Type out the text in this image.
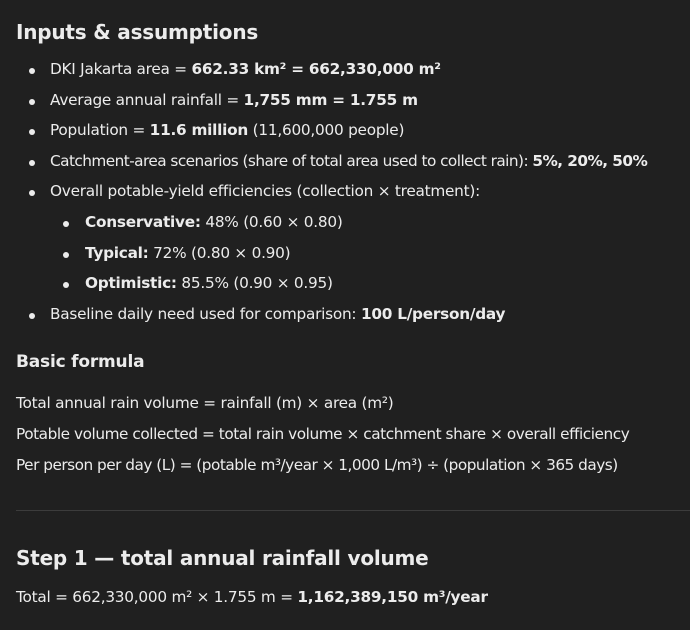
Inputs & assumptions
DKI Jakarta area = 662.33 km² = 662,330,000 m²
Average annual rainfall = 1,755 mm = 1.755 m
Population = 11.6 million (11,600,000 people)
Catchment-area scenarios (share of total area used to collect rain): 5%, 20%, 50%
Overall potable-yield efficiencies (collection × treatment):
Conservative: 48% (0.60 × 0.80)
Typical: 72% (0.80 × 0.90)
Optimistic: 85.5% (0.90 × 0.95)
Baseline daily need used for comparison: 100 L/person/day
Basic formula
Total annual rain volume = rainfall (m) × area (m²)
Potable volume collected = total rain volume × catchment share × overall efficiency
Per person per day (L) = (potable m³/year × 1,000 L/m³) ÷ (population × 365 days)
Step 1 — total annual rainfall volume
Total = 662,330,000 m² × 1.755 m = 1,162,389,150 m³/year
